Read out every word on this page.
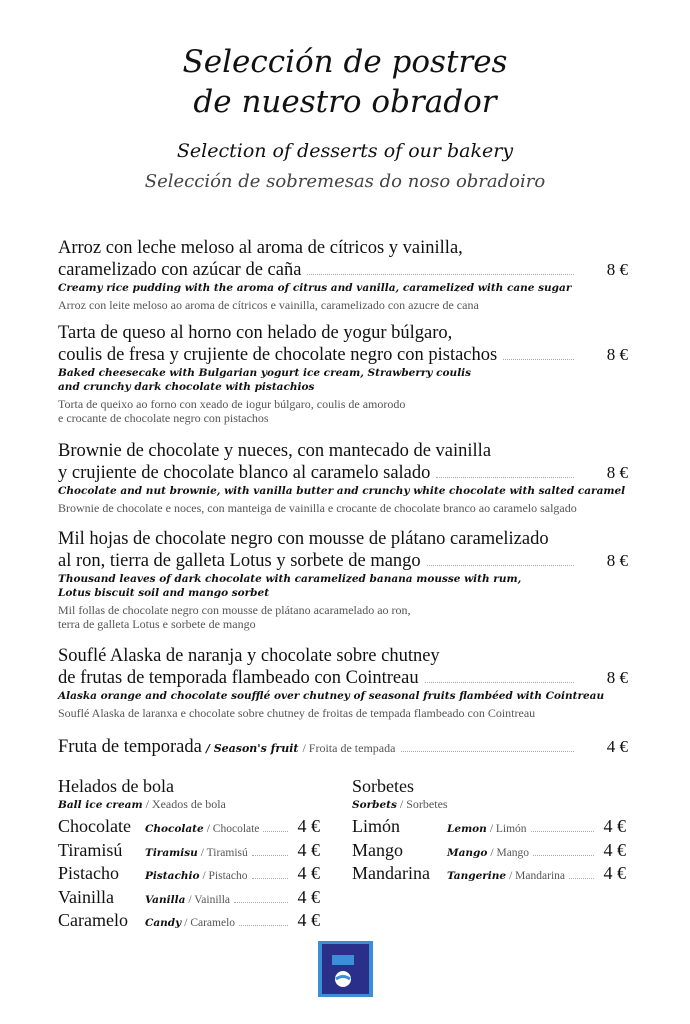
Selección de postres
de nuestro obrador
Selection of desserts of our bakery
Selección de sobremesas do noso obradoiro
Arroz con leche meloso al aroma de cítricos y vainilla,
caramelizado con azúcar de caña	8 €
Creamy rice pudding with the aroma of citrus and vanilla, caramelized with cane sugar
Arroz con leite meloso ao aroma de cítricos e vainilla, caramelizado con azucre de cana
Tarta de queso al horno con helado de yogur búlgaro,
coulis de fresa y crujiente de chocolate negro con pistachos	8 €
Baked cheesecake with Bulgarian yogurt ice cream, Strawberry coulis
and crunchy dark chocolate with pistachios
Torta de queixo ao forno con xeado de iogur búlgaro, coulis de amorodo
e crocante de chocolate negro con pistachos
Brownie de chocolate y nueces, con mantecado de vainilla
y crujiente de chocolate blanco al caramelo salado	8 €
Chocolate and nut brownie, with vanilla butter and crunchy white chocolate with salted caramel
Brownie de chocolate e noces, con manteiga de vainilla e crocante de chocolate branco ao caramelo salgado
Mil hojas de chocolate negro con mousse de plátano caramelizado
al ron, tierra de galleta Lotus y sorbete de mango	8 €
Thousand leaves of dark chocolate with caramelized banana mousse with rum,
Lotus biscuit soil and mango sorbet
Mil follas de chocolate negro con mousse de plátano acaramelado ao ron,
terra de galleta Lotus e sorbete de mango
Souflé Alaska de naranja y chocolate sobre chutney
de frutas de temporada flambeado con Cointreau	8 €
Alaska orange and chocolate soufflé over chutney of seasonal fruits flambéed with Cointreau
Souflé Alaska de laranxa e chocolate sobre chutney de froitas de tempada flambeado con Cointreau
Fruta de temporada
/ Season's fruit
/ Froita de tempada	4 €
Helados de bola
Ball ice cream / Xeados de bola
Chocolate	Chocolate / Chocolate 4 €
Tiramisú	Tiramisu / Tiramisú	4 €
Pistacho	Pistachio / Pistacho	4 €
Vainilla	Vanilla / Vainilla	4 €
Caramelo	Candy / Caramelo	4 €
Sorbetes
Sorbets / Sorbetes
Limón	Lemon / Limón	4 €
Mango	Mango / Mango	4 €
Mandarina	Tangerine / Mandarina 4 €
